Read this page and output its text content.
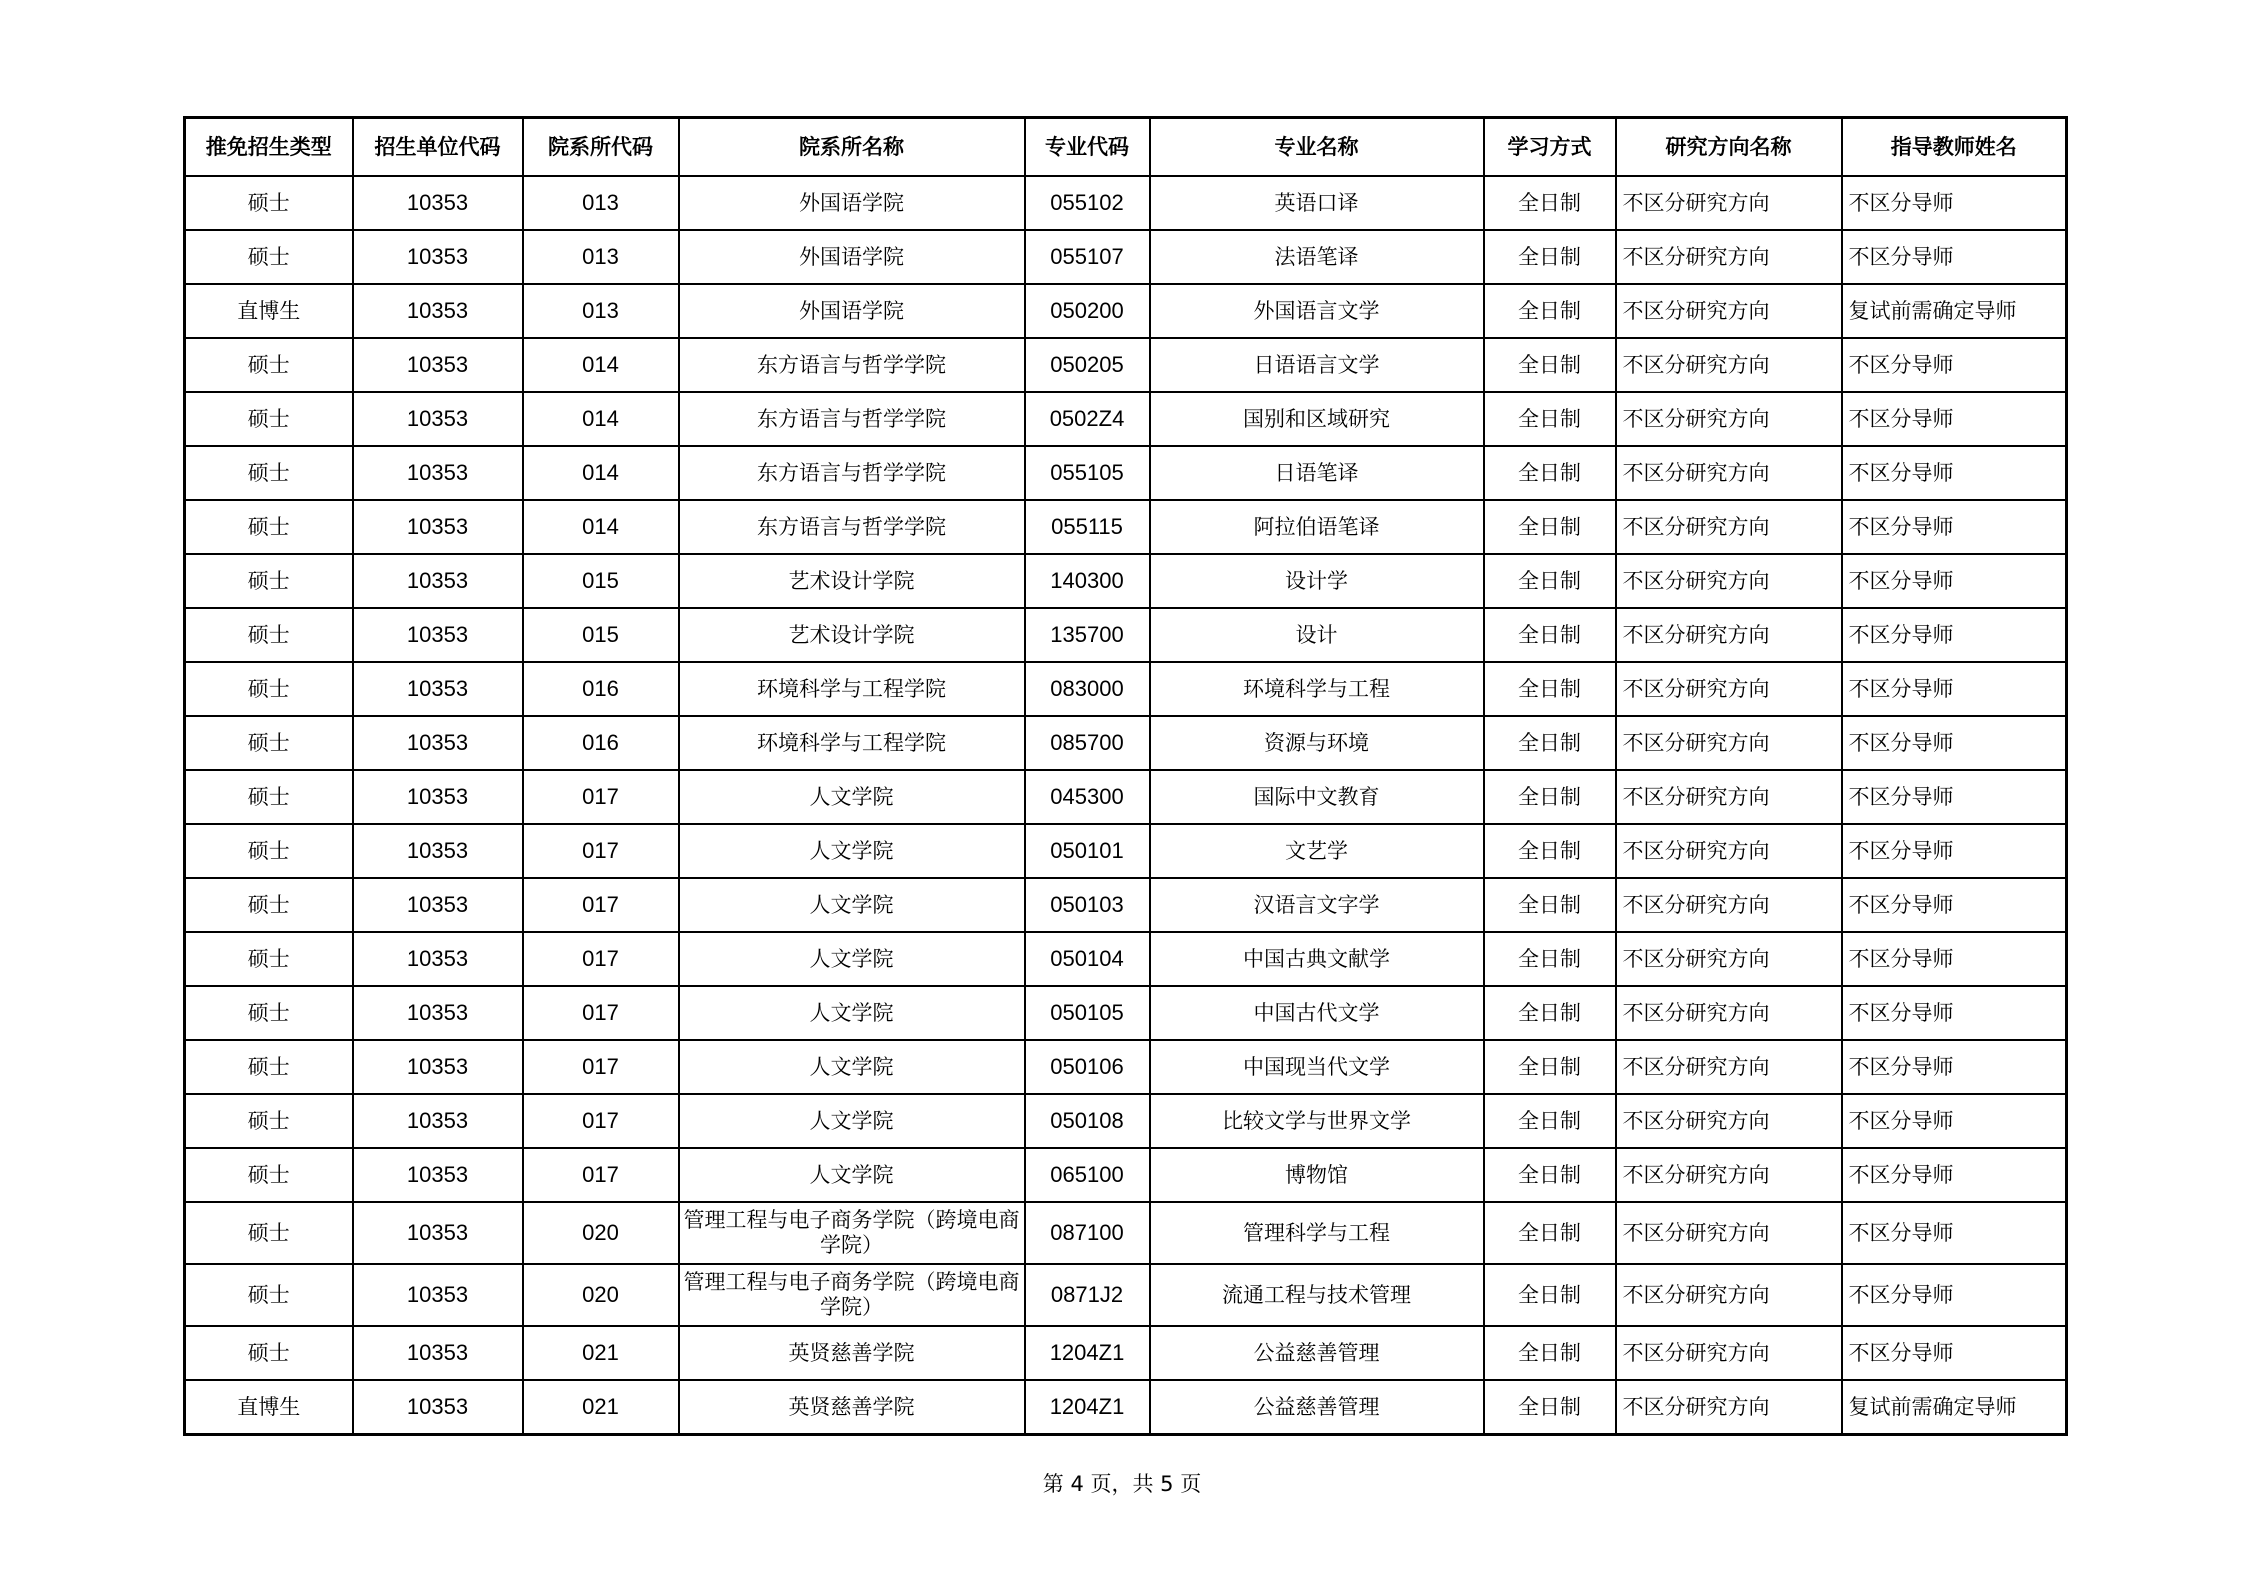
推免招生类型	招生单位代码	院系所代码	院系所名称	专业代码	专业名称	学习方式	研究方向名称	指导教师姓名
硕士	10353	013	外国语学院	055102	英语口译	全日制	不区分研究方向	不区分导师
硕士	10353	013	外国语学院	055107	法语笔译	全日制	不区分研究方向	不区分导师
直博生	10353	013	外国语学院	050200	外国语言文学	全日制	不区分研究方向	复试前需确定导师
硕士	10353	014	东方语言与哲学学院	050205	日语语言文学	全日制	不区分研究方向	不区分导师
硕士	10353	014	东方语言与哲学学院	0502Z4	国别和区域研究	全日制	不区分研究方向	不区分导师
硕士	10353	014	东方语言与哲学学院	055105	日语笔译	全日制	不区分研究方向	不区分导师
硕士	10353	014	东方语言与哲学学院	055115	阿拉伯语笔译	全日制	不区分研究方向	不区分导师
硕士	10353	015	艺术设计学院	140300	设计学	全日制	不区分研究方向	不区分导师
硕士	10353	015	艺术设计学院	135700	设计	全日制	不区分研究方向	不区分导师
硕士	10353	016	环境科学与工程学院	083000	环境科学与工程	全日制	不区分研究方向	不区分导师
硕士	10353	016	环境科学与工程学院	085700	资源与环境	全日制	不区分研究方向	不区分导师
硕士	10353	017	人文学院	045300	国际中文教育	全日制	不区分研究方向	不区分导师
硕士	10353	017	人文学院	050101	文艺学	全日制	不区分研究方向	不区分导师
硕士	10353	017	人文学院	050103	汉语言文字学	全日制	不区分研究方向	不区分导师
硕士	10353	017	人文学院	050104	中国古典文献学	全日制	不区分研究方向	不区分导师
硕士	10353	017	人文学院	050105	中国古代文学	全日制	不区分研究方向	不区分导师
硕士	10353	017	人文学院	050106	中国现当代文学	全日制	不区分研究方向	不区分导师
硕士	10353	017	人文学院	050108	比较文学与世界文学	全日制	不区分研究方向	不区分导师
硕士	10353	017	人文学院	065100	博物馆	全日制	不区分研究方向	不区分导师
硕士	10353	020	管理工程与电子商务学院（跨境电商学院）	087100	管理科学与工程	全日制	不区分研究方向	不区分导师
硕士	10353	020	管理工程与电子商务学院（跨境电商学院）	0871J2	流通工程与技术管理	全日制	不区分研究方向	不区分导师
硕士	10353	021	英贤慈善学院	1204Z1	公益慈善管理	全日制	不区分研究方向	不区分导师
直博生	10353	021	英贤慈善学院	1204Z1	公益慈善管理	全日制	不区分研究方向	复试前需确定导师
第 4 页，共 5 页
